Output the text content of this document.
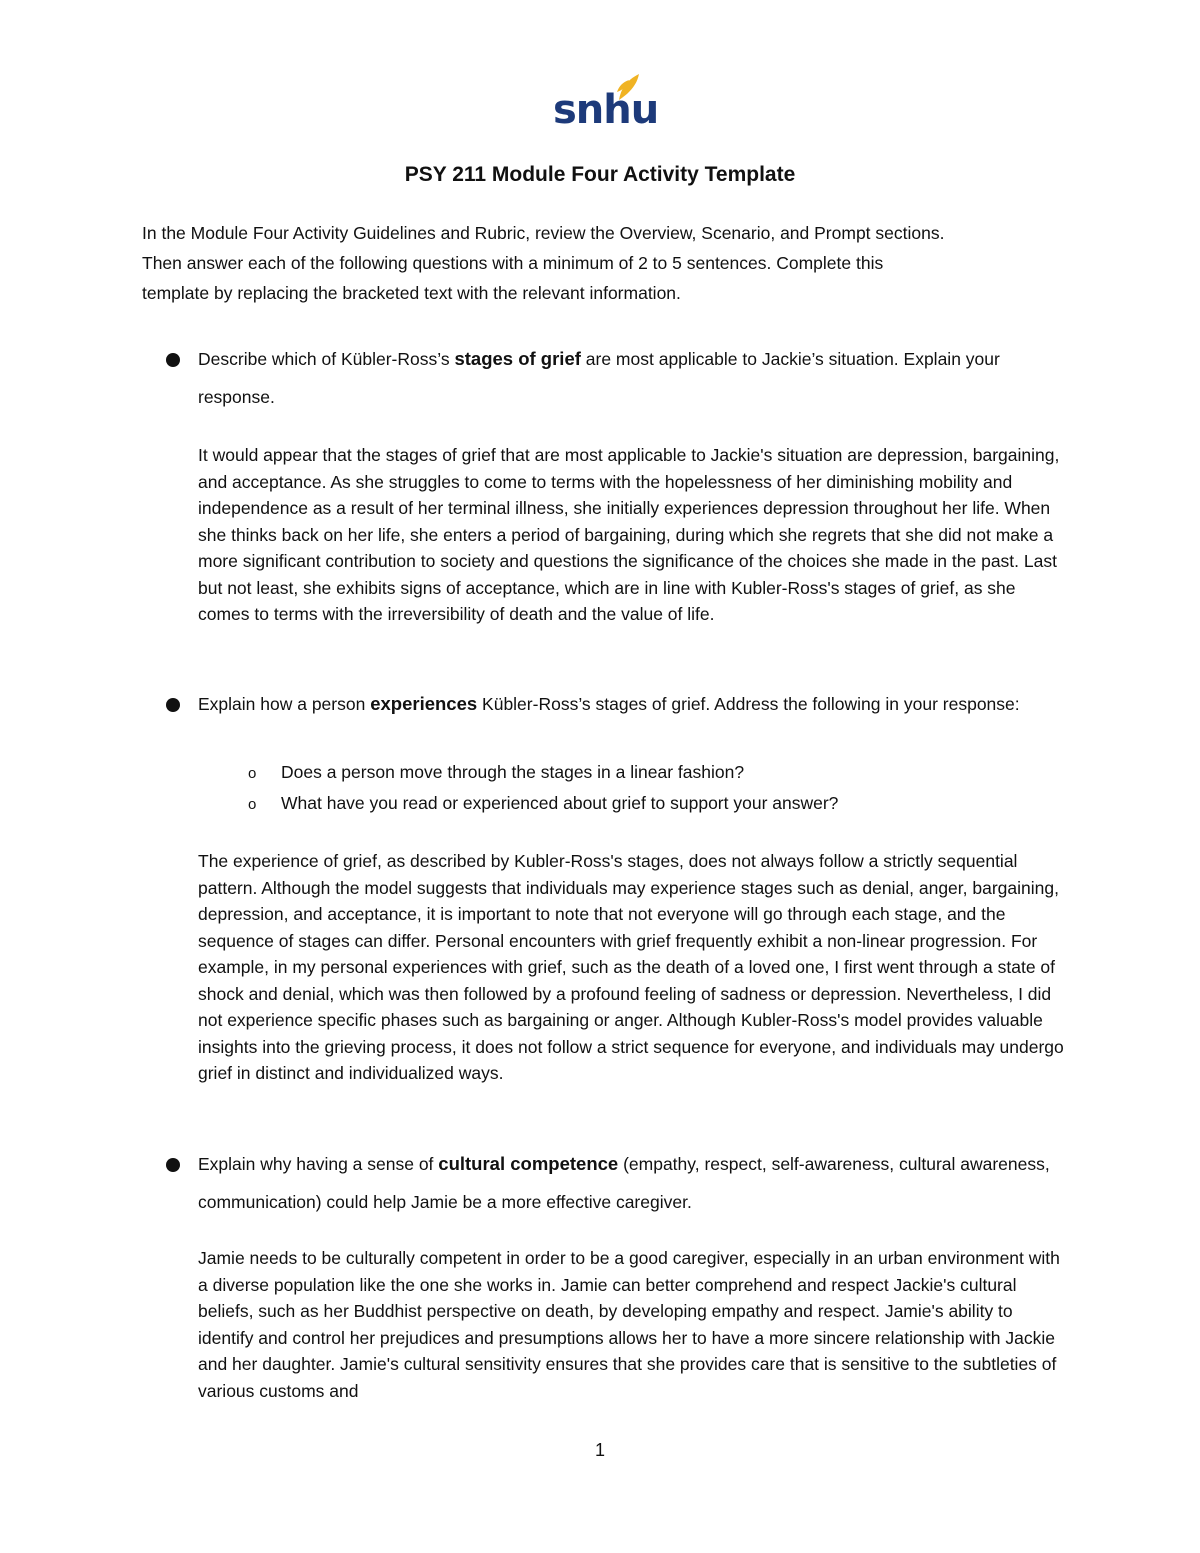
snhu
PSY 211 Module Four Activity Template

In the Module Four Activity Guidelines and Rubric, review the Overview, Scenario, and Prompt sections.

Then answer each of the following questions with a minimum of 2 to 5 sentences. Complete this

template by replacing the bracketed text with the relevant information.

Describe which of Kübler-Ross’s stages of grief are most applicable to Jackie’s situation. Explain your response.
It would appear that the stages of grief that are most applicable to Jackie's situation are depression, bargaining, and acceptance. As she struggles to come to terms with the hopelessness of her diminishing mobility and independence as a result of her terminal illness, she initially experiences depression throughout her life. When she thinks back on her life, she enters a period of bargaining, during which she regrets that she did not make a more significant contribution to society and questions the significance of the choices she made in the past. Last but not least, she exhibits signs of acceptance, which are in line with Kubler-Ross's stages of grief, as she comes to terms with the irreversibility of death and the value of life.
Explain how a person experiences Kübler-Ross’s stages of grief. Address the following in your response:
o Does a person move through the stages in a linear fashion?
o What have you read or experienced about grief to support your answer?
The experience of grief, as described by Kubler-Ross's stages, does not always follow a strictly sequential pattern. Although the model suggests that individuals may experience stages such as denial, anger, bargaining, depression, and acceptance, it is important to note that not everyone will go through each stage, and the sequence of stages can differ. Personal encounters with grief frequently exhibit a non-linear progression. For example, in my personal experiences with grief, such as the death of a loved one, I first went through a state of shock and denial, which was then followed by a profound feeling of sadness or depression. Nevertheless, I did not experience specific phases such as bargaining or anger. Although Kubler-Ross's model provides valuable insights into the grieving process, it does not follow a strict sequence for everyone, and individuals may undergo grief in distinct and individualized ways.
Explain why having a sense of cultural competence (empathy, respect, self-awareness, cultural awareness, communication) could help Jamie be a more effective caregiver.
Jamie needs to be culturally competent in order to be a good caregiver, especially in an urban environment with a diverse population like the one she works in. Jamie can better comprehend and respect Jackie's cultural beliefs, such as her Buddhist perspective on death, by developing empathy and respect. Jamie's ability to identify and control her prejudices and presumptions allows her to have a more sincere relationship with Jackie and her daughter. Jamie's cultural sensitivity ensures that she provides care that is sensitive to the subtleties of various customs and
1
